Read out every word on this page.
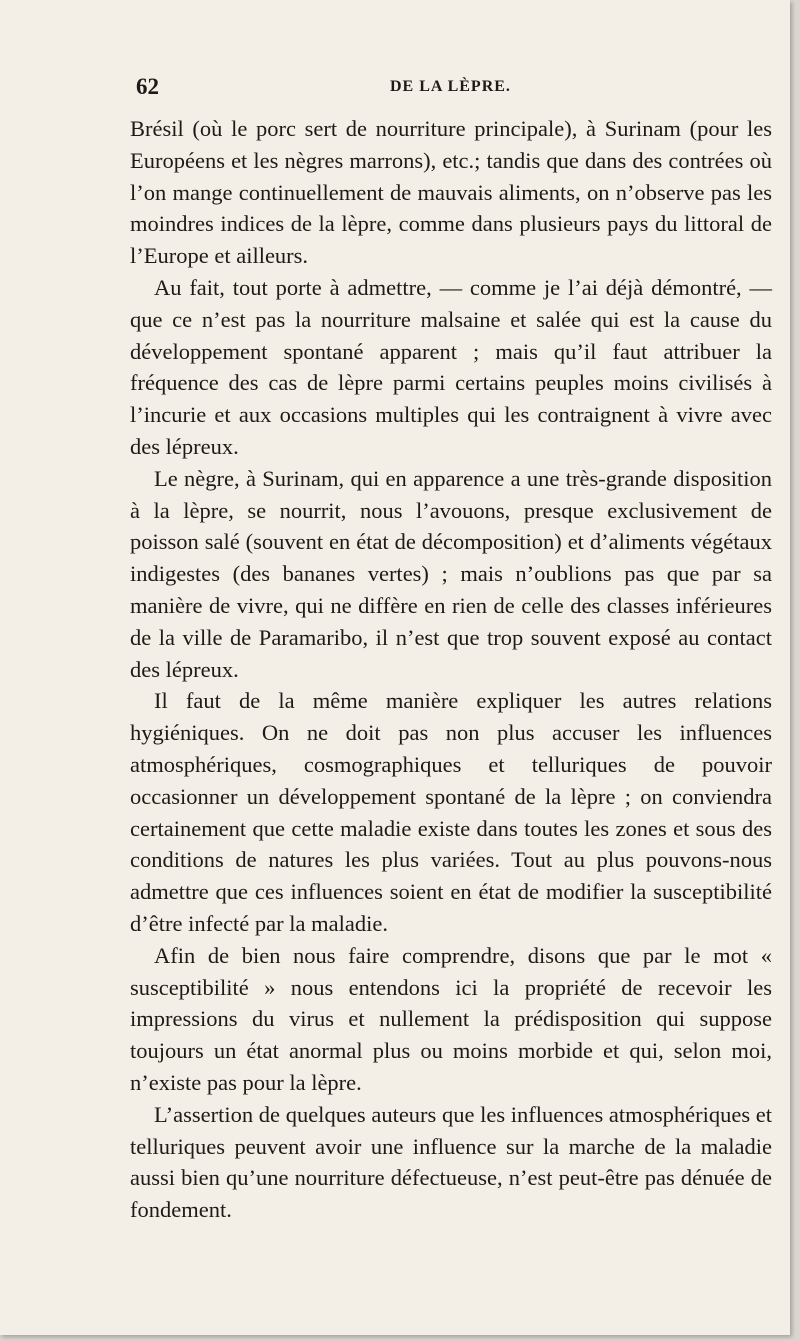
62	DE LA LÈPRE.

Brésil (où le porc sert de nourriture principale), à Surinam (pour les Européens et les nègres marrons), etc.; tandis que dans des contrées où l’on mange continuellement de mauvais aliments, on n’observe pas les moindres indices de la lèpre, comme dans plusieurs pays du littoral de l’Europe et ailleurs.

Au fait, tout porte à admettre, — comme je l’ai déjà démontré, — que ce n’est pas la nourriture malsaine et salée qui est la cause du développement spontané apparent ; mais qu’il faut attribuer la fréquence des cas de lèpre parmi certains peuples moins civilisés à l’incurie et aux occasions multiples qui les contraignent à vivre avec des lépreux.

Le nègre, à Surinam, qui en apparence a une très-grande disposition à la lèpre, se nourrit, nous l’avouons, presque exclusivement de poisson salé (souvent en état de décomposition) et d’aliments végétaux indigestes (des bananes vertes) ; mais n’oublions pas que par sa manière de vivre, qui ne diffère en rien de celle des classes inférieures de la ville de Paramaribo, il n’est que trop souvent exposé au contact des lépreux.

Il faut de la même manière expliquer les autres relations hygiéniques. On ne doit pas non plus accuser les influences atmosphériques, cosmographiques et telluriques de pouvoir occasionner un développement spontané de la lèpre ; on conviendra certainement que cette maladie existe dans toutes les zones et sous des conditions de natures les plus variées. Tout au plus pouvons-nous admettre que ces influences soient en état de modifier la susceptibilité d’être infecté par la maladie.

Afin de bien nous faire comprendre, disons que par le mot « susceptibilité » nous entendons ici la propriété de recevoir les impressions du virus et nullement la prédisposition qui suppose toujours un état anormal plus ou moins morbide et qui, selon moi, n’existe pas pour la lèpre.

L’assertion de quelques auteurs que les influences atmosphériques et telluriques peuvent avoir une influence sur la marche de la maladie aussi bien qu’une nourriture défectueuse, n’est peut-être pas dénuée de fondement.
